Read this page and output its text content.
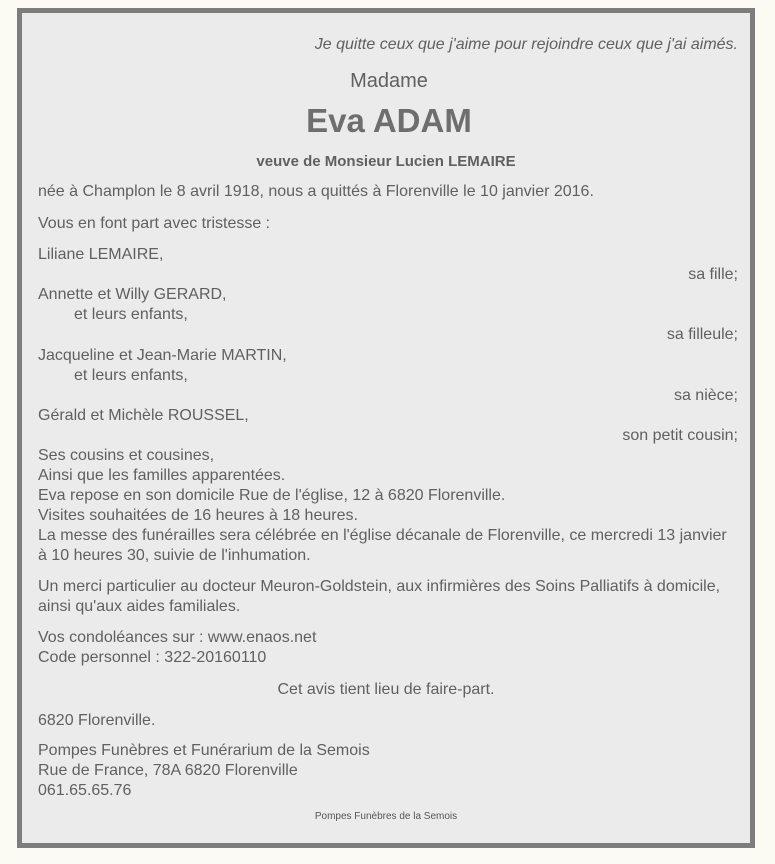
Je quitte ceux que j'aime pour rejoindre ceux que j'ai aimés.
Madame
Eva ADAM
veuve de Monsieur Lucien LEMAIRE
née à Champlon le 8 avril 1918, nous a quittés à Florenville le 10 janvier 2016.
Vous en font part avec tristesse :
Liliane LEMAIRE,
sa fille;
Annette et Willy GERARD,
et leurs enfants,
sa filleule;
Jacqueline et Jean-Marie MARTIN,
et leurs enfants,
sa nièce;
Gérald et Michèle ROUSSEL,
son petit cousin;
Ses cousins et cousines,
Ainsi que les familles apparentées.
Eva repose en son domicile Rue de l'église, 12 à 6820 Florenville.
Visites souhaitées de 16 heures à 18 heures.
La messe des funérailles sera célébrée en l'église décanale de Florenville, ce mercredi 13 janvier
à 10 heures 30, suivie de l'inhumation.
Un merci particulier au docteur Meuron-Goldstein, aux infirmières des Soins Palliatifs à domicile,
ainsi qu'aux aides familiales.
Vos condoléances sur : www.enaos.net
Code personnel : 322-20160110
Cet avis tient lieu de faire-part.
6820 Florenville.
Pompes Funèbres et Funérarium de la Semois
Rue de France, 78A 6820 Florenville
061.65.65.76
Pompes Funèbres de la Semois
